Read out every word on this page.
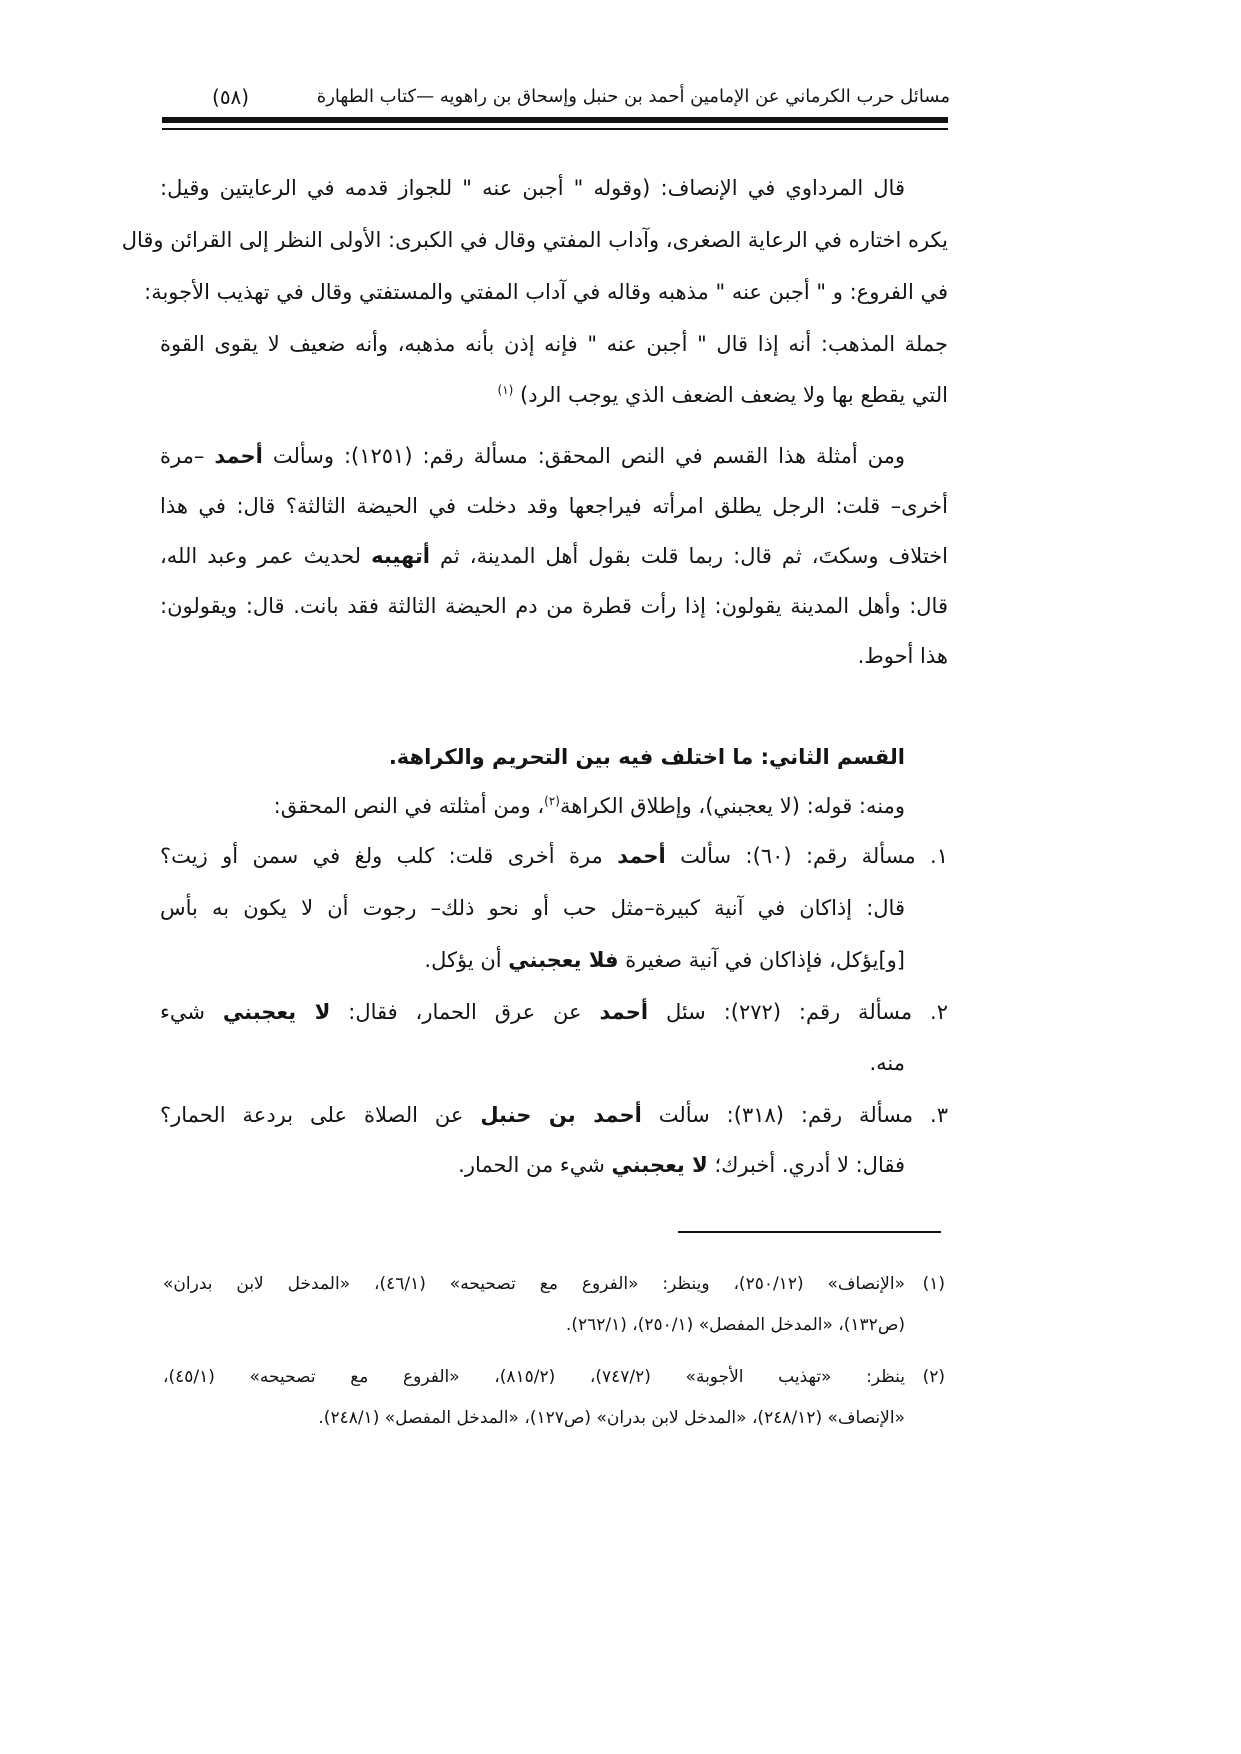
مسائل حرب الكرماني عن الإمامين أحمد بن حنبل وإسحاق بن راهويه —كتاب الطهارة
(٥٨)
قال المرداوي في الإنصاف: (وقوله " أجبن عنه " للجواز قدمه في الرعايتين وقيل:
يكره اختاره في الرعاية الصغرى، وآداب المفتي وقال في الكبرى: الأولى النظر إلى القرائن وقال
في الفروع: و " أجبن عنه " مذهبه وقاله في آداب المفتي والمستفتي وقال في تهذيب الأجوبة:
جملة المذهب: أنه إذا قال " أجبن عنه " فإنه إذن بأنه مذهبه، وأنه ضعيف لا يقوى القوة
التي يقطع بها ولا يضعف الضعف الذي يوجب الرد) $^{(١)}$
ومن أمثلة هذا القسم في النص المحقق: مسألة رقم: (١٢٥١): وسألت أحمد –مرة
أخرى– قلت: الرجل يطلق امرأته فيراجعها وقد دخلت في الحيضة الثالثة؟ قال: في هذا
اختلاف وسكتَ، ثم قال: ربما قلت بقول أهل المدينة، ثم أتهيبه لحديث عمر وعبد الله،
قال: وأهل المدينة يقولون: إذا رأت قطرة من دم الحيضة الثالثة فقد بانت. قال: ويقولون:
هذا أحوط.
القسم الثاني: ما اختلف فيه بين التحريم والكراهة.
ومنه: قوله: (لا يعجبني)، وإطلاق الكراهة$^{(٢)}$، ومن أمثلته في النص المحقق:
١. مسألة رقم: (٦٠): سألت أحمد مرة أخرى قلت: كلب ولغ في سمن أو زيت؟
قال: إذاكان في آنية كبيرة–مثل حب أو نحو ذلك– رجوت أن لا يكون به بأس
[و]يؤكل، فإذاكان في آنية صغيرة فلا يعجبني أن يؤكل.
٢. مسألة رقم: (٢٧٢): سئل أحمد عن عرق الحمار، فقال: لا يعجبني شيء
منه.
٣. مسألة رقم: (٣١٨): سألت أحمد بن حنبل عن الصلاة على بردعة الحمار؟
فقال: لا أدري. أخبرك؛ لا يعجبني شيء من الحمار.
(١)
«الإنصاف» (٢٥٠/١٢)، وينظر: «الفروع مع تصحيحه» (٤٦/١)، «المدخل لابن بدران»
(ص١٣٢)، «المدخل المفصل» (٢٥٠/١)، (٢٦٢/١).
(٢)
ينظر: «تهذيب الأجوبة» (٧٤٧/٢)، (٨١٥/٢)، «الفروع مع تصحيحه» (٤٥/١)،
«الإنصاف» (٢٤٨/١٢)، «المدخل لابن بدران» (ص١٢٧)، «المدخل المفصل» (٢٤٨/١).
